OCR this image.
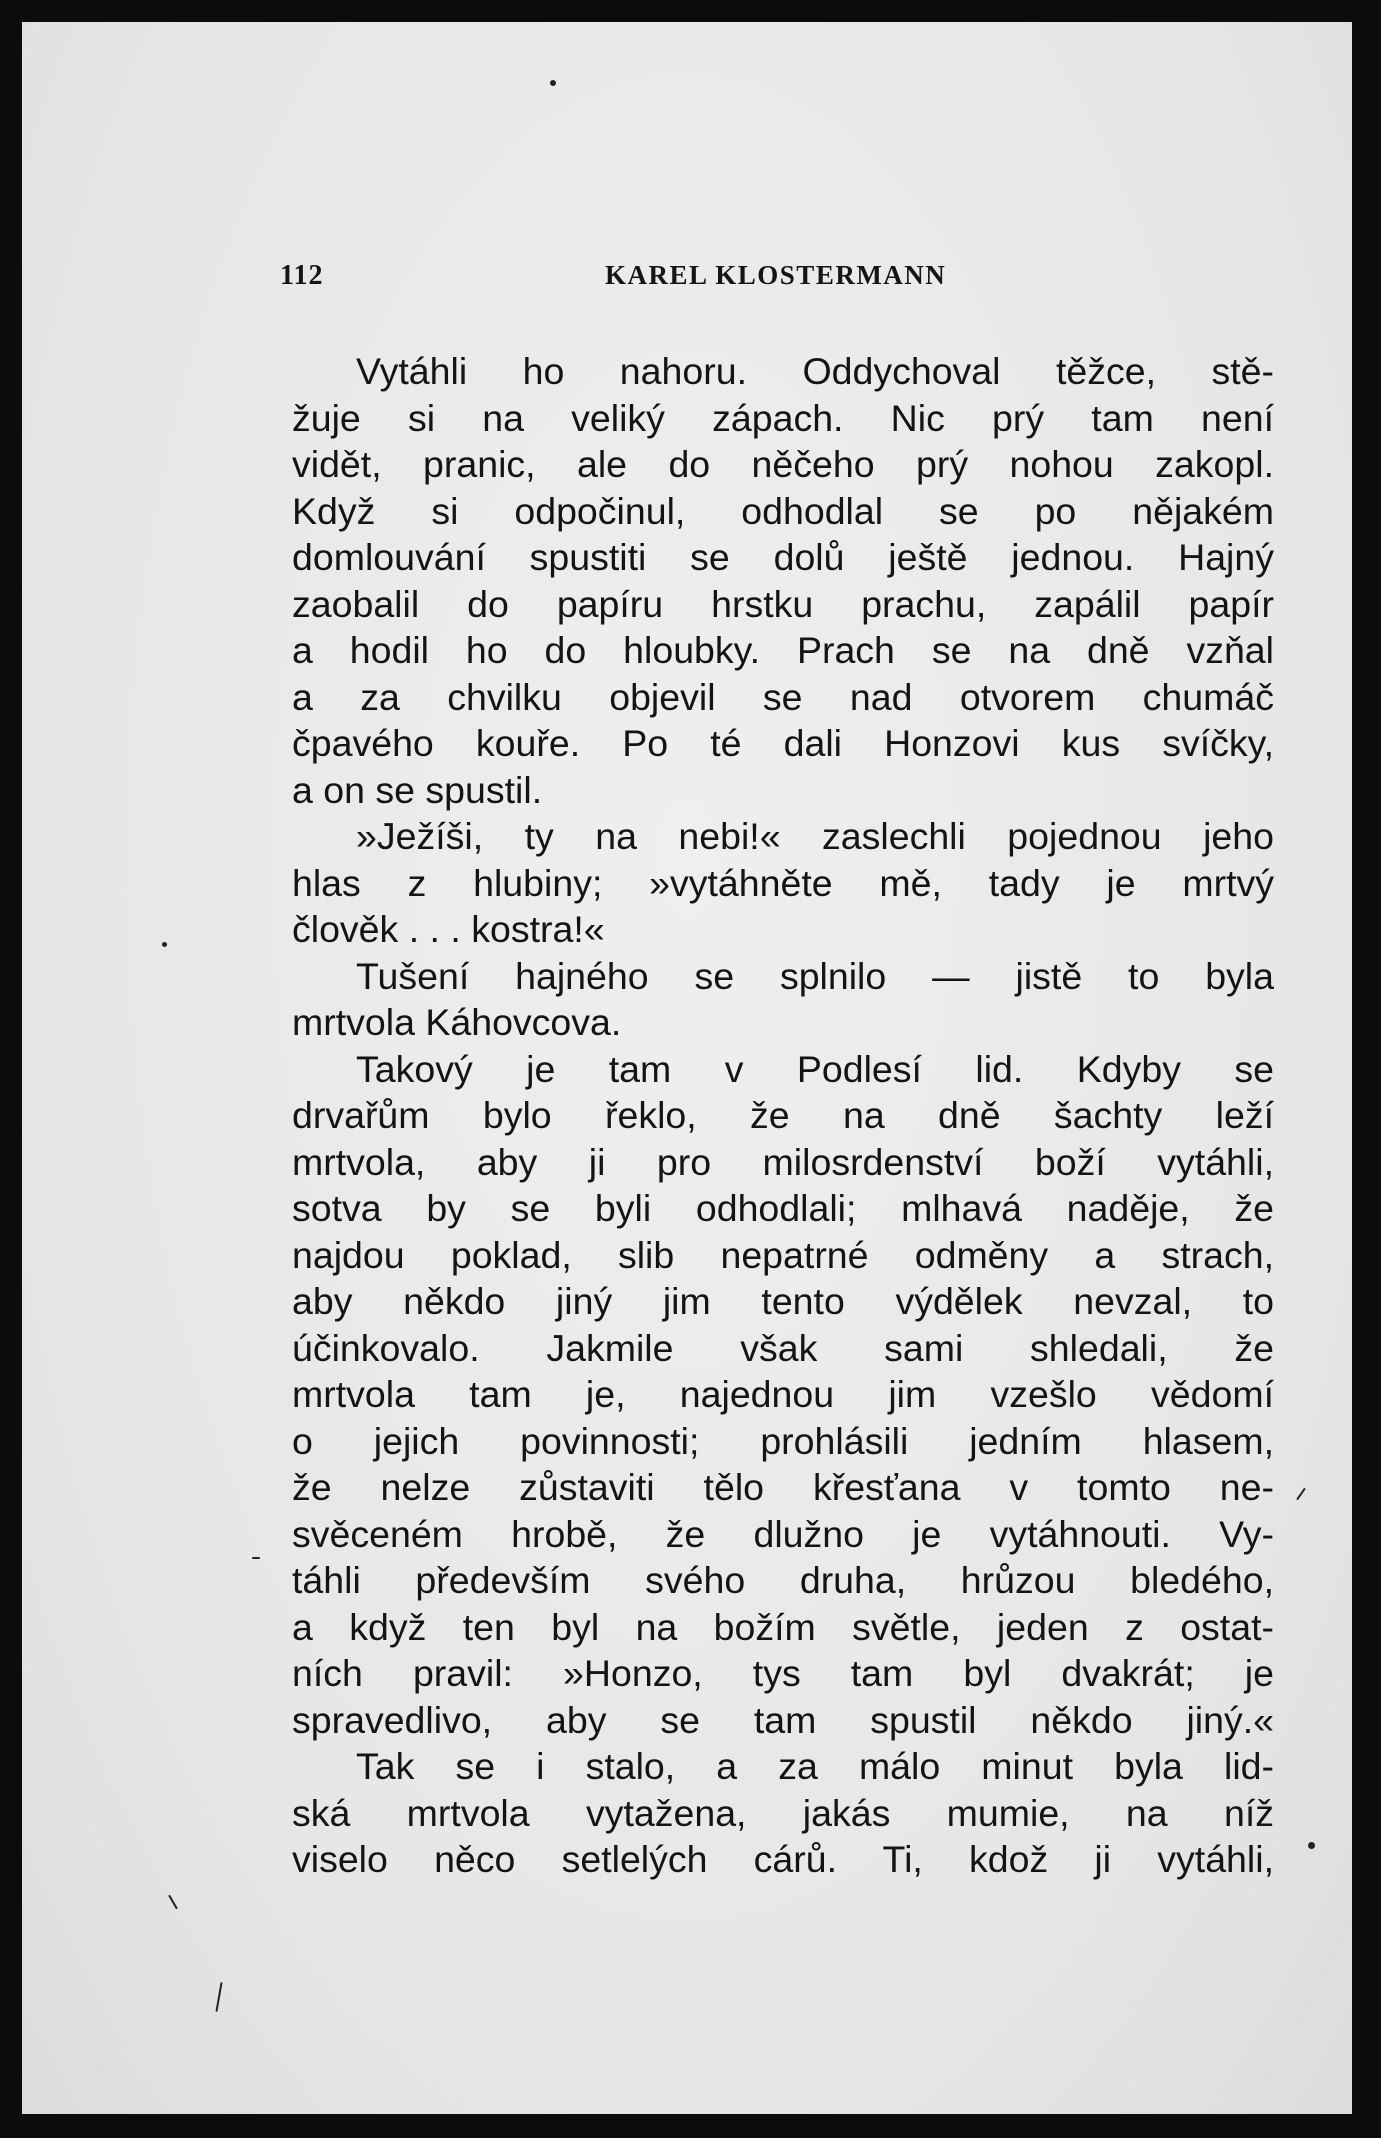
112	KAREL KLOSTERMANN
Vytáhli ho nahoru. Oddychoval těžce, stě-
žuje si na veliký zápach. Nic prý tam není
vidět, pranic, ale do něčeho prý nohou zakopl.
Když si odpočinul, odhodlal se po nějakém
domlouvání spustiti se dolů ještě jednou. Hajný
zaobalil do papíru hrstku prachu, zapálil papír
a hodil ho do hloubky. Prach se na dně vzňal
a za chvilku objevil se nad otvorem chumáč
čpavého kouře. Po té dali Honzovi kus svíčky,
a on se spustil.
»Ježíši, ty na nebi!« zaslechli pojednou jeho
hlas z hlubiny; »vytáhněte mě, tady je mrtvý
člověk . . . kostra!«
Tušení hajného se splnilo — jistě to byla
mrtvola Káhovcova.
Takový je tam v Podlesí lid. Kdyby se
drvařům bylo řeklo, že na dně šachty leží
mrtvola, aby ji pro milosrdenství boží vytáhli,
sotva by se byli odhodlali; mlhavá naděje, že
najdou poklad, slib nepatrné odměny a strach,
aby někdo jiný jim tento výdělek nevzal, to
účinkovalo. Jakmile však sami shledali, že
mrtvola tam je, najednou jim vzešlo vědomí
o jejich povinnosti; prohlásili jedním hlasem,
že nelze zůstaviti tělo křesťana v tomto ne-
svěceném hrobě, že dlužno je vytáhnouti. Vy-
táhli především svého druha, hrůzou bledého,
a když ten byl na božím světle, jeden z ostat-
ních pravil: »Honzo, tys tam byl dvakrát; je
spravedlivo, aby se tam spustil někdo jiný.«
Tak se i stalo, a za málo minut byla lid-
ská mrtvola vytažena, jakás mumie, na níž
viselo něco setlelých cárů. Ti, kdož ji vytáhli,
